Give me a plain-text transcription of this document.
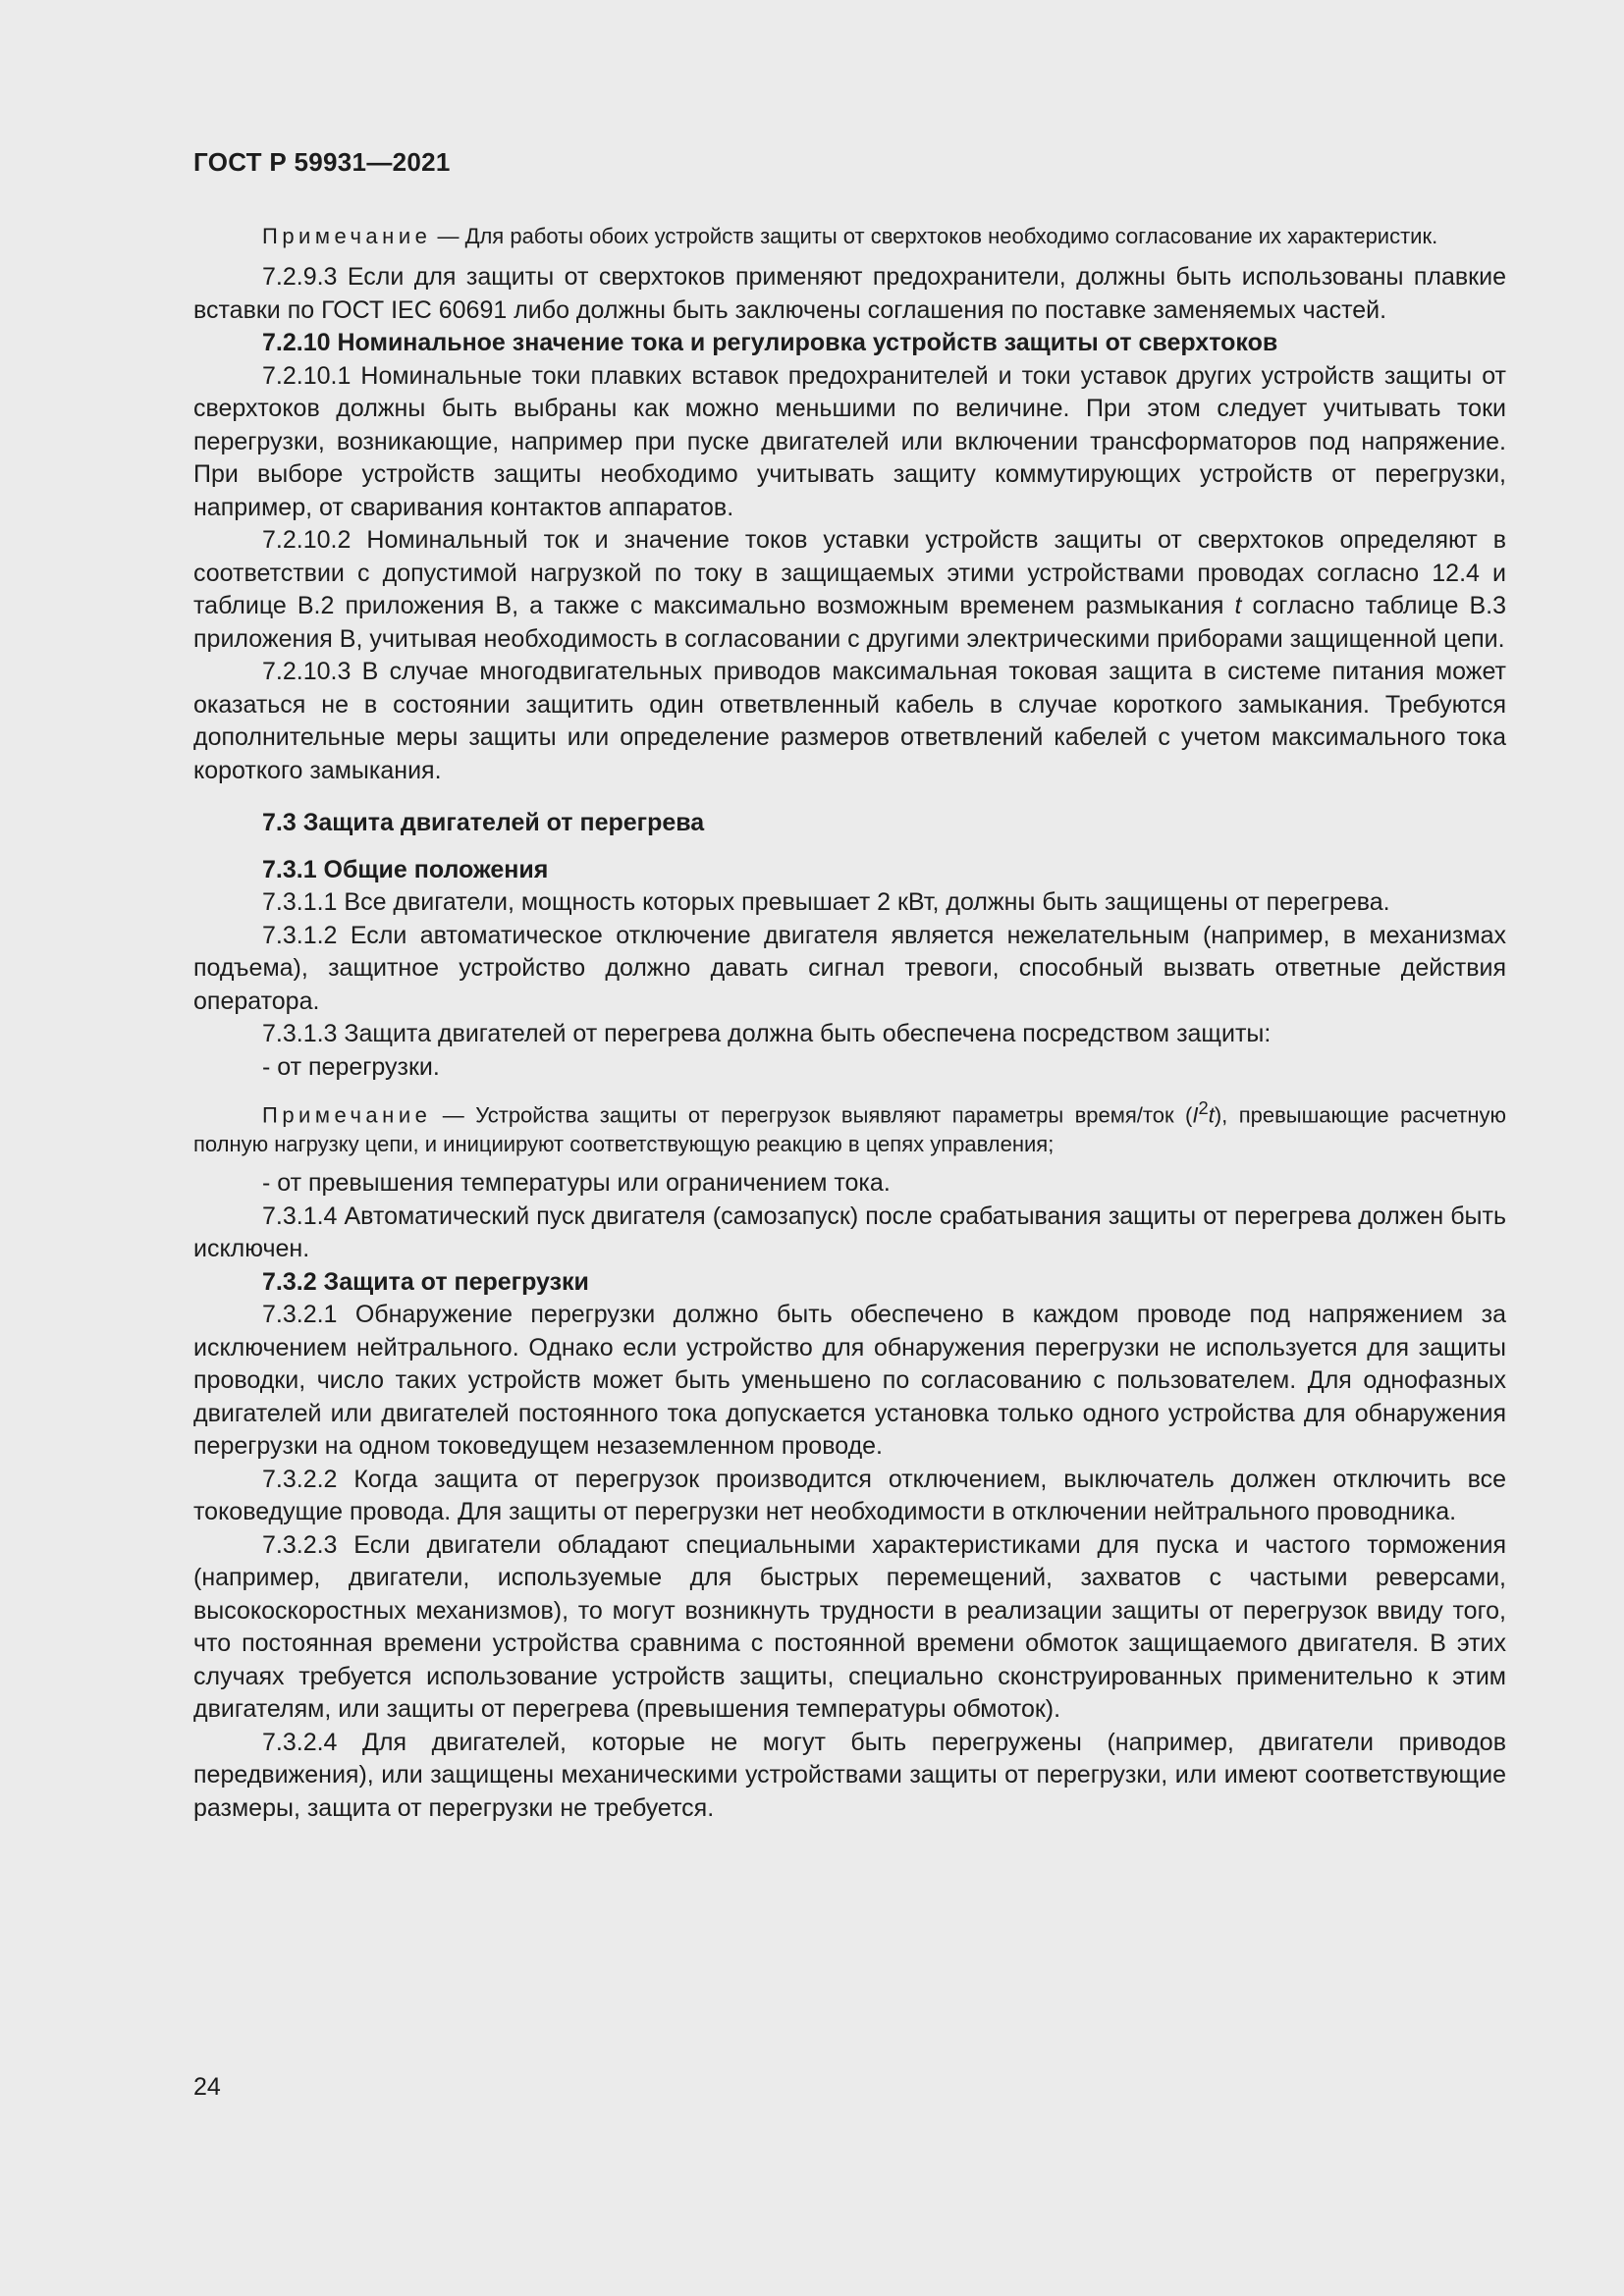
ГОСТ Р 59931—2021

Примечание — Для работы обоих устройств защиты от сверхтоков необходимо согласование их характеристик.

7.2.9.3 Если для защиты от сверхтоков применяют предохранители, должны быть использованы плавкие вставки по ГОСТ IEC 60691 либо должны быть заключены соглашения по поставке заменяемых частей.

7.2.10 Номинальное значение тока и регулировка устройств защиты от сверхтоков

7.2.10.1 Номинальные токи плавких вставок предохранителей и токи уставок других устройств защиты от сверхтоков должны быть выбраны как можно меньшими по величине. При этом следует учитывать токи перегрузки, возникающие, например при пуске двигателей или включении трансформаторов под напряжение. При выборе устройств защиты необходимо учитывать защиту коммутирующих устройств от перегрузки, например, от сваривания контактов аппаратов.

7.2.10.2 Номинальный ток и значение токов уставки устройств защиты от сверхтоков определяют в соответствии с допустимой нагрузкой по току в защищаемых этими устройствами проводах согласно 12.4 и таблице В.2 приложения В, а также с максимально возможным временем размыкания t согласно таблице В.3 приложения В, учитывая необходимость в согласовании с другими электрическими приборами защищенной цепи.

7.2.10.3 В случае многодвигательных приводов максимальная токовая защита в системе питания может оказаться не в состоянии защитить один ответвленный кабель в случае короткого замыкания. Требуются дополнительные меры защиты или определение размеров ответвлений кабелей с учетом максимального тока короткого замыкания.

7.3 Защита двигателей от перегрева

7.3.1 Общие положения

7.3.1.1 Все двигатели, мощность которых превышает 2 кВт, должны быть защищены от перегрева.

7.3.1.2 Если автоматическое отключение двигателя является нежелательным (например, в механизмах подъема), защитное устройство должно давать сигнал тревоги, способный вызвать ответные действия оператора.

7.3.1.3 Защита двигателей от перегрева должна быть обеспечена посредством защиты:

- от перегрузки.

Примечание — Устройства защиты от перегрузок выявляют параметры время/ток $(I^2t)$, превышающие расчетную полную нагрузку цепи, и инициируют соответствующую реакцию в цепях управления;

- от превышения температуры или ограничением тока.

7.3.1.4 Автоматический пуск двигателя (самозапуск) после срабатывания защиты от перегрева должен быть исключен.

7.3.2 Защита от перегрузки

7.3.2.1 Обнаружение перегрузки должно быть обеспечено в каждом проводе под напряжением за исключением нейтрального. Однако если устройство для обнаружения перегрузки не используется для защиты проводки, число таких устройств может быть уменьшено по согласованию с пользователем. Для однофазных двигателей или двигателей постоянного тока допускается установка только одного устройства для обнаружения перегрузки на одном токоведущем незаземленном проводе.

7.3.2.2 Когда защита от перегрузок производится отключением, выключатель должен отключить все токоведущие провода. Для защиты от перегрузки нет необходимости в отключении нейтрального проводника.

7.3.2.3 Если двигатели обладают специальными характеристиками для пуска и частого торможения (например, двигатели, используемые для быстрых перемещений, захватов с частыми реверсами, высокоскоростных механизмов), то могут возникнуть трудности в реализации защиты от перегрузок ввиду того, что постоянная времени устройства сравнима с постоянной времени обмоток защищаемого двигателя. В этих случаях требуется использование устройств защиты, специально сконструированных применительно к этим двигателям, или защиты от перегрева (превышения температуры обмоток).

7.3.2.4 Для двигателей, которые не могут быть перегружены (например, двигатели приводов передвижения), или защищены механическими устройствами защиты от перегрузки, или имеют соответствующие размеры, защита от перегрузки не требуется.

24
